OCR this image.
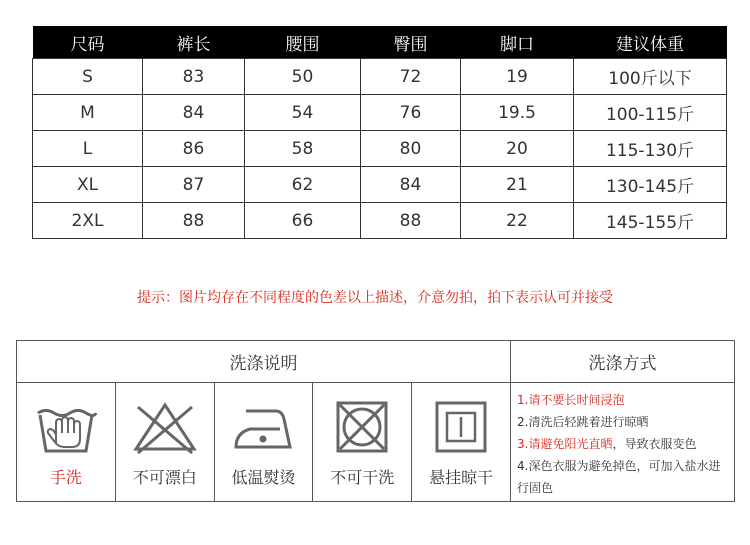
尺码	裤长	腰围	臀围	脚口	建议体重
S	83	50	72	19	100斤以下
M	84	54	76	19.5	100-115斤
L	86	58	80	20	115-130斤
XL	87	62	84	21	130-145斤
2XL	88	66	88	22	145-155斤
提示：图片均存在不同程度的色差以上描述，介意勿拍，拍下表示认可并接受
洗涤说明	洗涤方式
手洗	不可漂白	低温熨烫	不可干洗	悬挂晾干
1.请不要长时间浸泡
2.清洗后轻跳着进行晾晒
3.请避免阳光直晒，导致衣服变色
4.深色衣服为避免掉色，可加入盐水进行固色
